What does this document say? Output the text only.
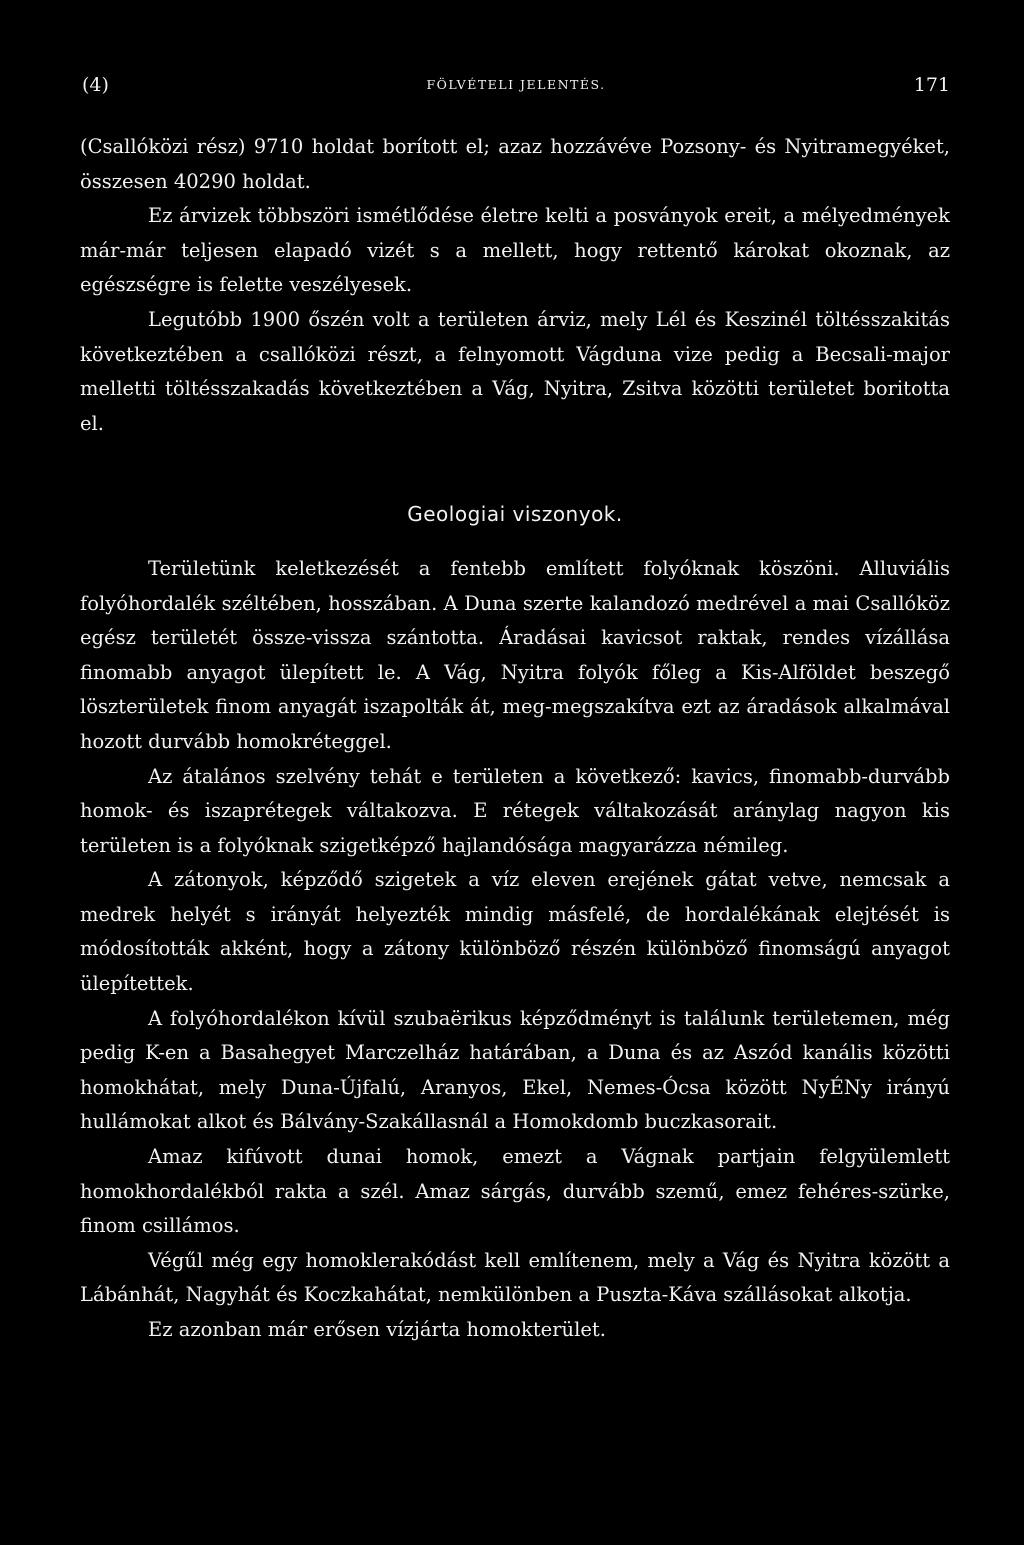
(4)	FÖLVÉTELI JELENTÉS.	171

(Csallóközi rész) 9710 holdat borított el; azaz hozzávéve Pozsony- és Nyitramegyéket, összesen 40290 holdat.

Ez árvizek többszöri ismétlődése életre kelti a posványok ereit, a mélyedmények már-már teljesen elapadó vizét s a mellett, hogy rettentő károkat okoznak, az egészségre is felette veszélyesek.

Legutóbb 1900 őszén volt a területen árviz, mely Lél és Keszinél töltésszakitás következtében a csallóközi részt, a felnyomott Vágduna vize pedig a Becsali-major melletti töltésszakadás következtében a Vág, Nyitra, Zsitva közötti területet boritotta el.

Geologiai viszonyok.

Területünk keletkezését a fentebb említett folyóknak köszöni. Alluviális folyóhordalék széltében, hosszában. A Duna szerte kalandozó medrével a mai Csallóköz egész területét össze-vissza szántotta. Áradásai kavicsot raktak, rendes vízállása finomabb anyagot ülepített le. A Vág, Nyitra folyók főleg a Kis-Alföldet beszegő löszterületek finom anyagát iszapolták át, meg-megszakítva ezt az áradások alkalmával hozott durvább homokréteggel.

Az átalános szelvény tehát e területen a következő: kavics, finomabb-durvább homok- és iszaprétegek váltakozva. E rétegek váltakozását aránylag nagyon kis területen is a folyóknak szigetképző hajlandósága magyarázza némileg.

A zátonyok, képződő szigetek a víz eleven erejének gátat vetve, nemcsak a medrek helyét s irányát helyezték mindig másfelé, de hordalékának elejtését is módosították akként, hogy a zátony különböző részén különböző finomságú anyagot ülepítettek.

A folyóhordalékon kívül szubaërikus képződményt is találunk területemen, még pedig K-en a Basahegyet Marczelház határában, a Duna és az Aszód kanális közötti homokhátat, mely Duna-Újfalú, Aranyos, Ekel, Nemes-Ócsa között NyÉNy irányú hullámokat alkot és Bálvány-Szakállasnál a Homokdomb buczkasorait.

Amaz kifúvott dunai homok, emezt a Vágnak partjain felgyülemlett homokhordalékból rakta a szél. Amaz sárgás, durvább szemű, emez fehéres-szürke, finom csillámos.

Végűl még egy homoklerakódást kell említenem, mely a Vág és Nyitra között a Lábánhát, Nagyhát és Koczkahátat, nemkülönben a Puszta-Káva szállásokat alkotja.

Ez azonban már erősen vízjárta homokterület.
